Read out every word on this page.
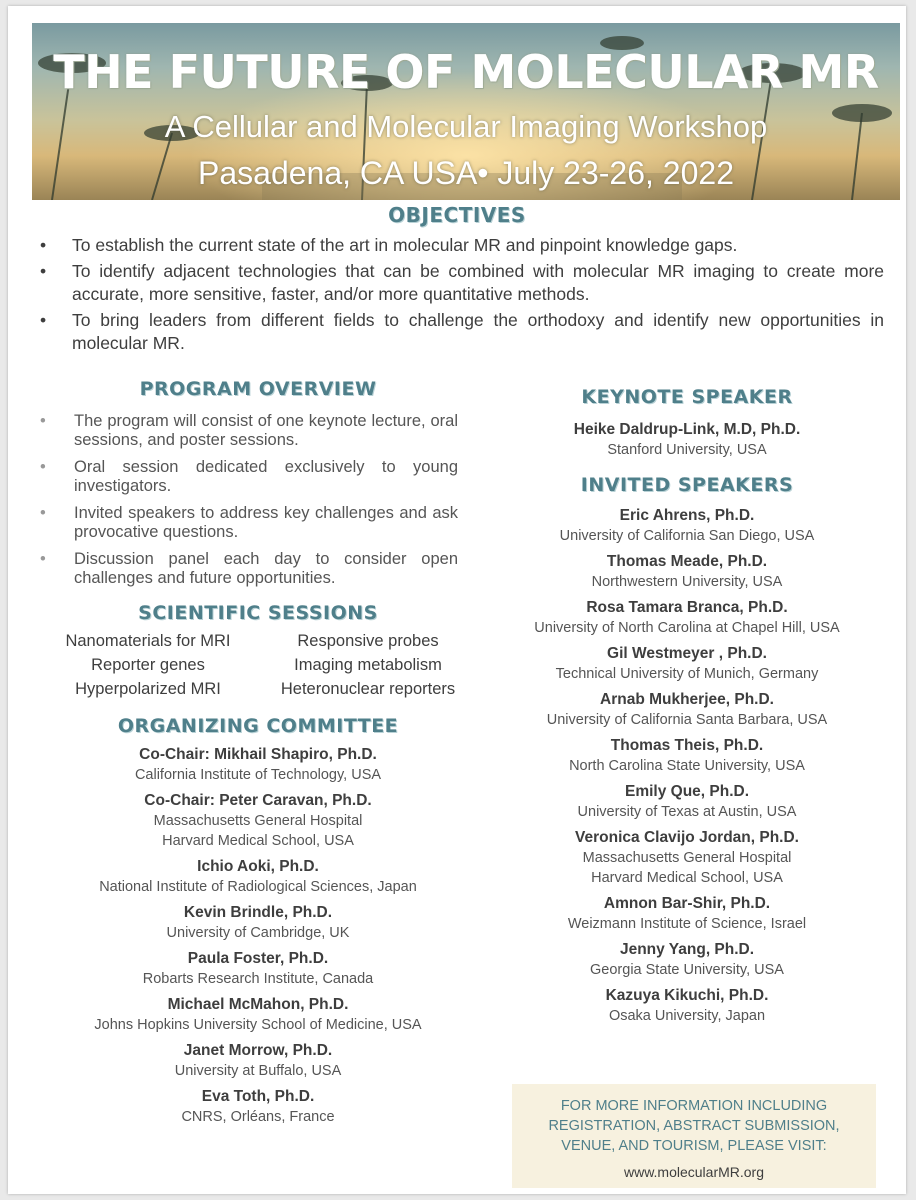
THE FUTURE OF MOLECULAR MR
A Cellular and Molecular Imaging Workshop
Pasadena, CA USA• July 23-26, 2022
OBJECTIVES
• To establish the current state of the art in molecular MR and pinpoint knowledge gaps.
• To identify adjacent technologies that can be combined with molecular MR imaging to create more accurate, more sensitive, faster, and/or more quantitative methods.
• To bring leaders from different fields to challenge the orthodoxy and identify new opportunities in molecular MR.
PROGRAM OVERVIEW
• The program will consist of one keynote lecture, oral sessions, and poster sessions.
• Oral session dedicated exclusively to young investigators.
• Invited speakers to address key challenges and ask provocative questions.
• Discussion panel each day to consider open challenges and future opportunities.
SCIENTIFIC SESSIONS
Nanomaterials for MRI	Responsive probes
Reporter genes	Imaging metabolism
Hyperpolarized MRI	Heteronuclear reporters
ORGANIZING COMMITTEE
Co-Chair: Mikhail Shapiro, Ph.D.
California Institute of Technology, USA
Co-Chair: Peter Caravan, Ph.D.
Massachusetts General Hospital
Harvard Medical School, USA
Ichio Aoki, Ph.D.
National Institute of Radiological Sciences, Japan
Kevin Brindle, Ph.D.
University of Cambridge, UK
Paula Foster, Ph.D.
Robarts Research Institute, Canada
Michael McMahon, Ph.D.
Johns Hopkins University School of Medicine, USA
Janet Morrow, Ph.D.
University at Buffalo, USA
Eva Toth, Ph.D.
CNRS, Orléans, France
KEYNOTE SPEAKER
Heike Daldrup-Link, M.D, Ph.D.
Stanford University, USA
INVITED SPEAKERS
Eric Ahrens, Ph.D.
University of California San Diego, USA
Thomas Meade, Ph.D.
Northwestern University, USA
Rosa Tamara Branca, Ph.D.
University of North Carolina at Chapel Hill, USA
Gil Westmeyer , Ph.D.
Technical University of Munich, Germany
Arnab Mukherjee, Ph.D.
University of California Santa Barbara, USA
Thomas Theis, Ph.D.
North Carolina State University, USA
Emily Que, Ph.D.
University of Texas at Austin, USA
Veronica Clavijo Jordan, Ph.D.
Massachusetts General Hospital
Harvard Medical School, USA
Amnon Bar-Shir, Ph.D.
Weizmann Institute of Science, Israel
Jenny Yang, Ph.D.
Georgia State University, USA
Kazuya Kikuchi, Ph.D.
Osaka University, Japan
FOR MORE INFORMATION INCLUDING
REGISTRATION, ABSTRACT SUBMISSION,
VENUE, AND TOURISM, PLEASE VISIT:
www.molecularMR.org
